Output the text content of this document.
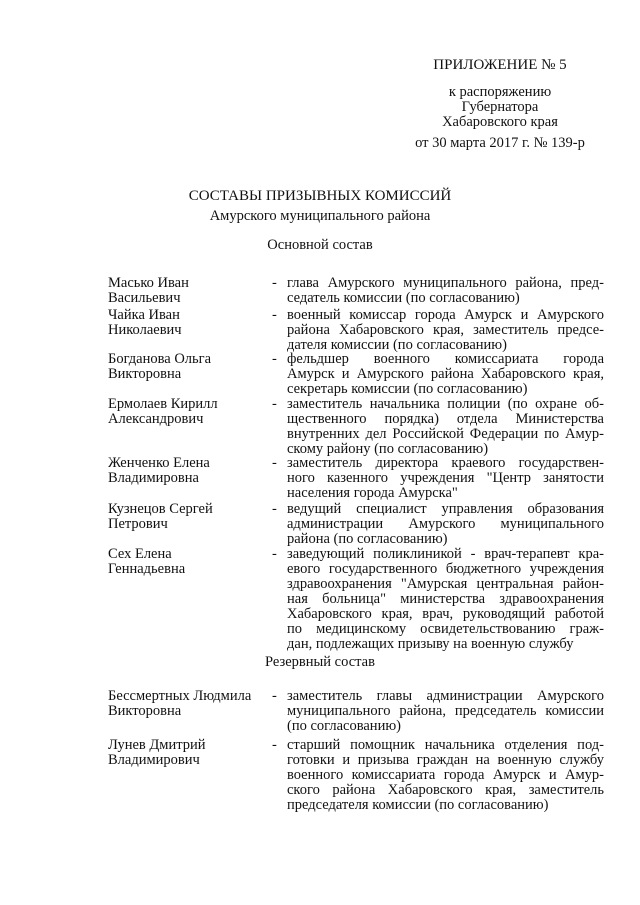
ПРИЛОЖЕНИЕ № 5
к распоряжению
Губернатора
Хабаровского края
от 30 марта 2017 г. № 139-р
СОСТАВЫ ПРИЗЫВНЫХ КОМИССИЙ
Амурского муниципального района
Основной состав
Масько Иван
Васильевич
- глава Амурского муниципального района, пред-
седатель комиссии (по согласованию)
Чайка Иван
Николаевич
- военный комиссар города Амурск и Амурского
района Хабаровского края, заместитель предсе-
дателя комиссии (по согласованию)
Богданова Ольга
Викторовна
- фельдшер военного комиссариата города
Амурск и Амурского района Хабаровского края,
секретарь комиссии (по согласованию)
Ермолаев Кирилл
Александрович
- заместитель начальника полиции (по охране об-
щественного порядка) отдела Министерства
внутренних дел Российской Федерации по Амур-
скому району (по согласованию)
Женченко Елена
Владимировна
- заместитель директора краевого государствен-
ного казенного учреждения "Центр занятости
населения города Амурска"
Кузнецов Сергей
Петрович
- ведущий специалист управления образования
администрации Амурского муниципального
района (по согласованию)
Сех Елена
Геннадьевна
- заведующий поликлиникой - врач-терапевт кра-
евого государственного бюджетного учреждения
здравоохранения "Амурская центральная район-
ная больница" министерства здравоохранения
Хабаровского края, врач, руководящий работой
по медицинскому освидетельствованию граж-
дан, подлежащих призыву на военную службу
Резервный состав
Бессмертных Людмила
Викторовна
- заместитель главы администрации Амурского
муниципального района, председатель комиссии
(по согласованию)
Лунев Дмитрий
Владимирович
- старший помощник начальника отделения под-
готовки и призыва граждан на военную службу
военного комиссариата города Амурск и Амур-
ского района Хабаровского края, заместитель
председателя комиссии (по согласованию)
